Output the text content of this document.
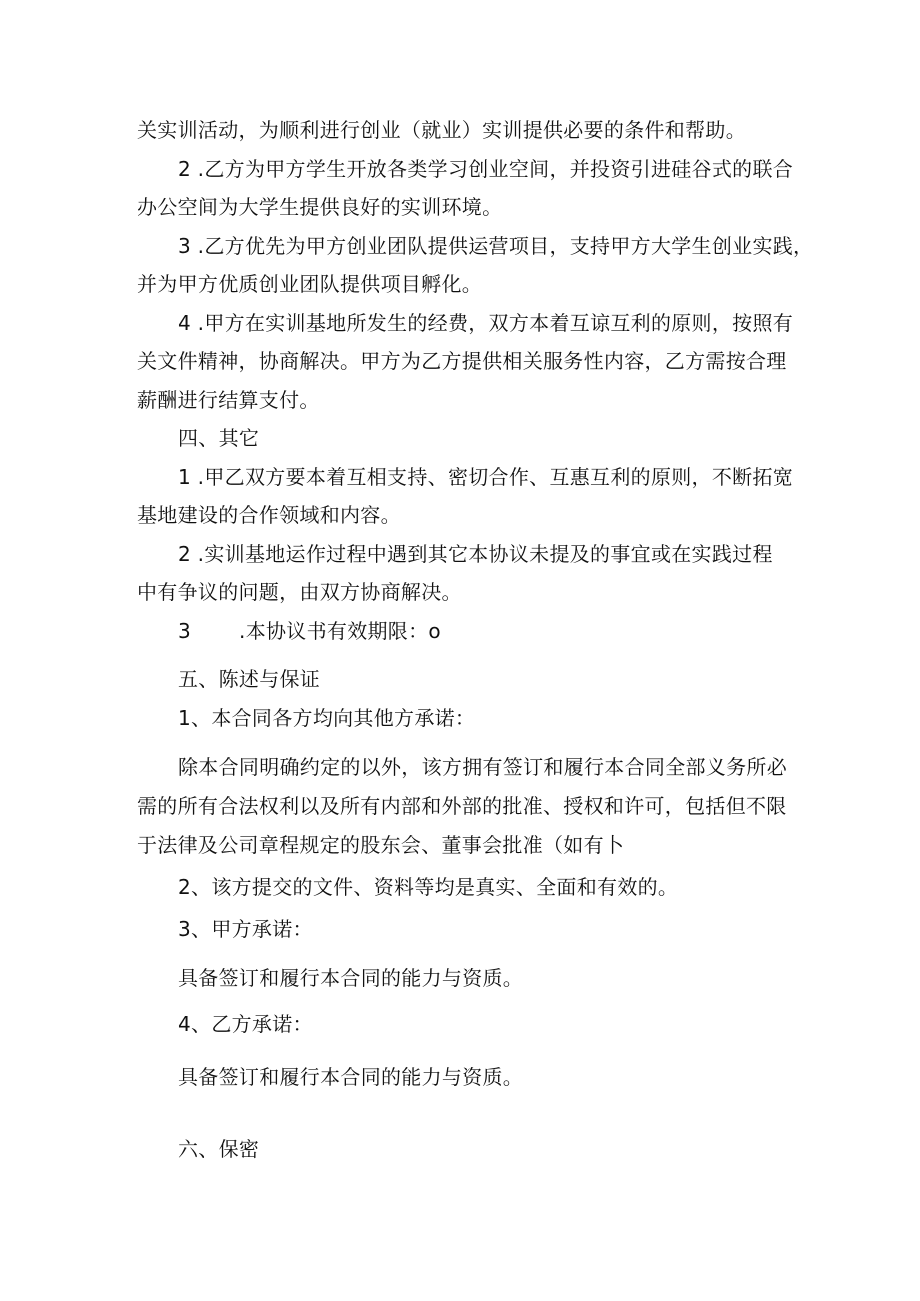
关实训活动，为顺利进行创业（就业）实训提供必要的条件和帮助。
2 .乙方为甲方学生开放各类学习创业空间，并投资引进硅谷式的联合
办公空间为大学生提供良好的实训环境。
3 .乙方优先为甲方创业团队提供运营项目，支持甲方大学生创业实践，
并为甲方优质创业团队提供项目孵化。
4 .甲方在实训基地所发生的经费，双方本着互谅互利的原则，按照有
关文件精神，协商解决。甲方为乙方提供相关服务性内容，乙方需按合理
薪酬进行结算支付。
四、其它
1 .甲乙双方要本着互相支持、密切合作、互惠互利的原则，不断拓宽
基地建设的合作领域和内容。
2 .实训基地运作过程中遇到其它本协议未提及的事宜或在实践过程
中有争议的问题，由双方协商解决。
3 .本协议书有效期限：o
五、陈述与保证
1、本合同各方均向其他方承诺：
除本合同明确约定的以外，该方拥有签订和履行本合同全部义务所必
需的所有合法权利以及所有内部和外部的批准、授权和许可，包括但不限
于法律及公司章程规定的股东会、董事会批准（如有卜
2、该方提交的文件、资料等均是真实、全面和有效的。
3、甲方承诺：
具备签订和履行本合同的能力与资质。
4、乙方承诺：
具备签订和履行本合同的能力与资质。
六、保密
